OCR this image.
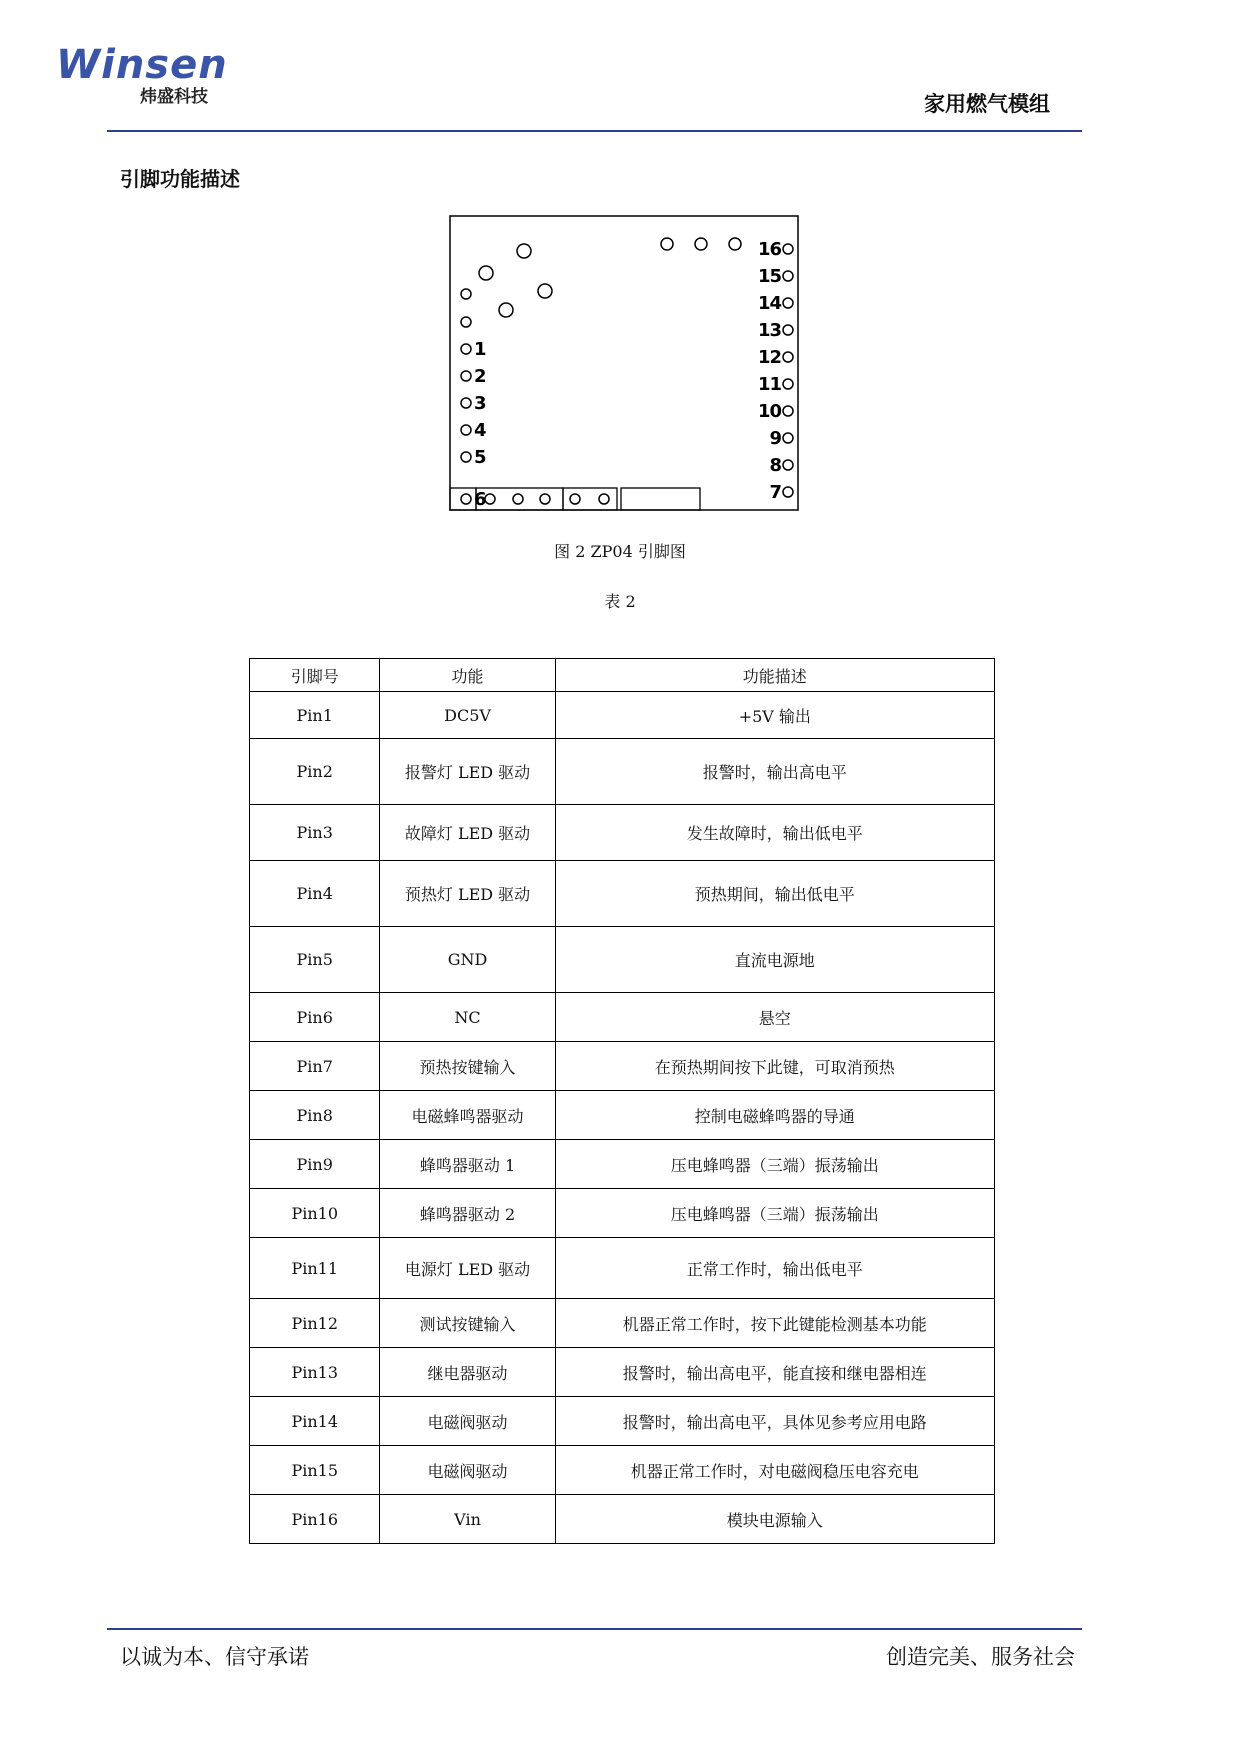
Winsen
炜盛科技	家用燃气模组
引脚功能描述
1
2
3
4
5
6
16
15
14
13
12
11
10
9
8
7
图 2 ZP04 引脚图
表 2
引脚号	功能	功能描述
Pin1	DC5V	+5V 输出
Pin2	报警灯 LED 驱动	报警时，输出高电平
Pin3	故障灯 LED 驱动	发生故障时，输出低电平
Pin4	预热灯 LED 驱动	预热期间，输出低电平
Pin5	GND	直流电源地
Pin6	NC	悬空
Pin7	预热按键输入	在预热期间按下此键，可取消预热
Pin8	电磁蜂鸣器驱动	控制电磁蜂鸣器的导通
Pin9	蜂鸣器驱动 1	压电蜂鸣器（三端）振荡输出
Pin10	蜂鸣器驱动 2	压电蜂鸣器（三端）振荡输出
Pin11	电源灯 LED 驱动	正常工作时，输出低电平
Pin12	测试按键输入	机器正常工作时，按下此键能检测基本功能
Pin13	继电器驱动	报警时，输出高电平，能直接和继电器相连
Pin14	电磁阀驱动	报警时，输出高电平，具体见参考应用电路
Pin15	电磁阀驱动	机器正常工作时，对电磁阀稳压电容充电
Pin16	Vin	模块电源输入
以诚为本、信守承诺	创造完美、服务社会
